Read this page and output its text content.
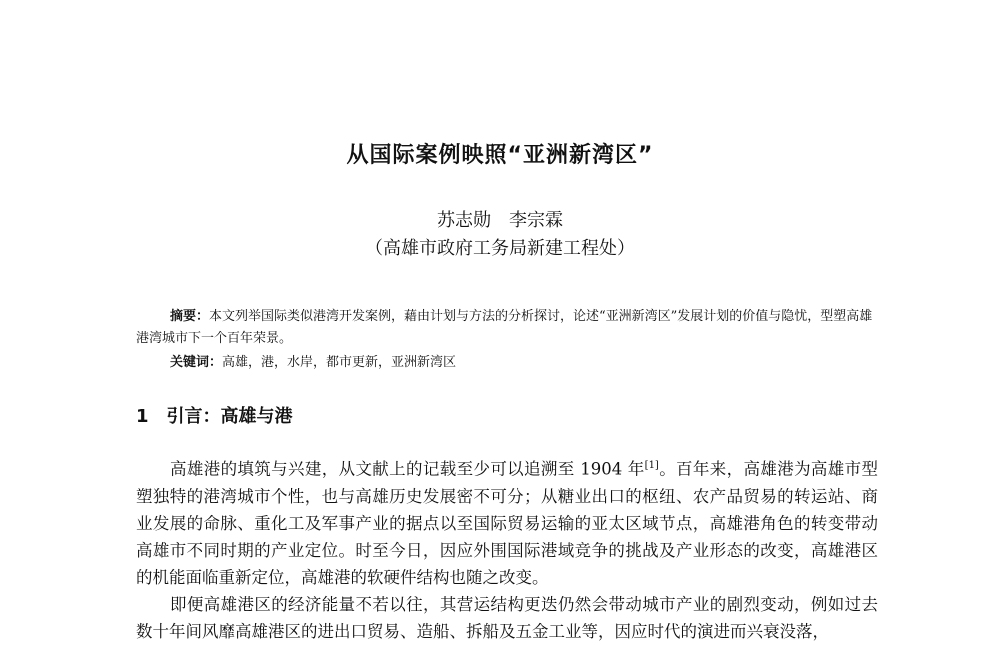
从国际案例映照“亚洲新湾区”
苏志勋　李宗霖
（高雄市政府工务局新建工程处）
摘要：本文列举国际类似港湾开发案例，藉由计划与方法的分析探讨，论述“亚洲新湾区”发展计划的价值与隐忧，型塑高雄港湾城市下一个百年荣景。
关键词：高雄，港，水岸，都市更新，亚洲新湾区
1 引言：高雄与港

高雄港的填筑与兴建，从文献上的记载至少可以追溯至 1904 年[1]。百年来，高雄港为高雄市型塑独特的港湾城市个性，也与高雄历史发展密不可分；从糖业出口的枢纽、农产品贸易的转运站、商业发展的命脉、重化工及军事产业的据点以至国际贸易运输的亚太区域节点，高雄港角色的转变带动高雄市不同时期的产业定位。时至今日，因应外围国际港域竞争的挑战及产业形态的改变，高雄港区的机能面临重新定位，高雄港的软硬件结构也随之改变。

即便高雄港区的经济能量不若以往，其营运结构更迭仍然会带动城市产业的剧烈变动，例如过去数十年间风靡高雄港区的进出口贸易、造船、拆船及五金工业等，因应时代的演进而兴衰没落，
